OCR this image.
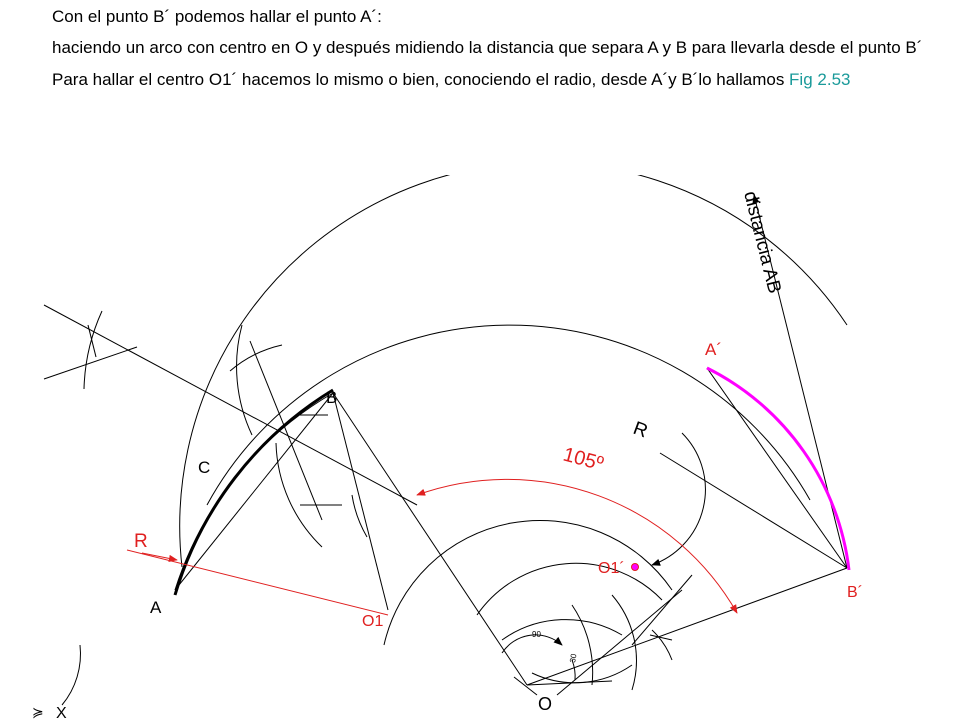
Con el punto B´ podemos hallar el punto A´:

haciendo un arco con centro en O y después midiendo la distancia que separa A y B para llevarla desde el punto B´

Para hallar el centro O1´ hacemos lo mismo o bien, conociendo el radio, desde A´y B´lo hallamos Fig 2.53

distancia AB
A´
B
R
C	105º
R
O1´
B´
A
O1
O
90
30
≽ X
